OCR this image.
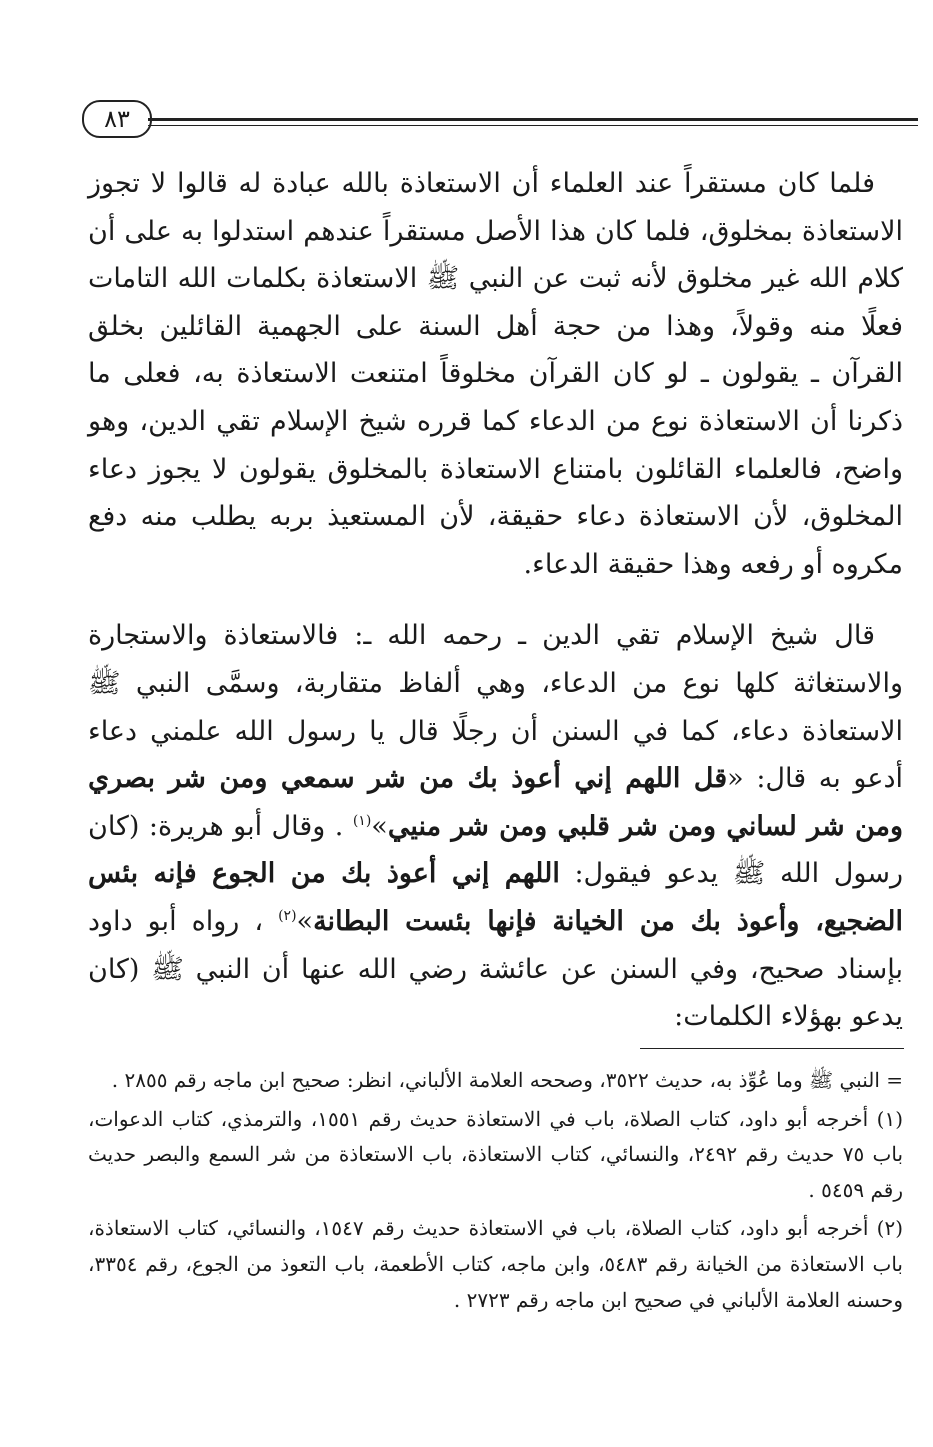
٨٣

فلما كان مستقراً عند العلماء أن الاستعاذة بالله عبادة له قالوا لا تجوز الاستعاذة بمخلوق، فلما كان هذا الأصل مستقراً عندهم استدلوا به على أن كلام الله غير مخلوق لأنه ثبت عن النبي ﷺ الاستعاذة بكلمات الله التامات فعلًا منه وقولاً، وهذا من حجة أهل السنة على الجهمية القائلين بخلق القرآن ـ يقولون ـ لو كان القرآن مخلوقاً امتنعت الاستعاذة به، فعلى ما ذكرنا أن الاستعاذة نوع من الدعاء كما قرره شيخ الإسلام تقي الدين، وهو واضح، فالعلماء القائلون بامتناع الاستعاذة بالمخلوق يقولون لا يجوز دعاء المخلوق، لأن الاستعاذة دعاء حقيقة، لأن المستعيذ بربه يطلب منه دفع مكروه أو رفعه وهذا حقيقة الدعاء.

قال شيخ الإسلام تقي الدين ـ رحمه الله ـ: فالاستعاذة والاستجارة والاستغاثة كلها نوع من الدعاء، وهي ألفاظ متقاربة، وسمَّى النبي ﷺ الاستعاذة دعاء، كما في السنن أن رجلًا قال يا رسول الله علمني دعاء أدعو به قال: «قل اللهم إني أعوذ بك من شر سمعي ومن شر بصري ومن شر لساني ومن شر قلبي ومن شر منيي»$^{(١)}$ . وقال أبو هريرة: (كان رسول الله ﷺ يدعو فيقول: اللهم إني أعوذ بك من الجوع فإنه بئس الضجيع، وأعوذ بك من الخيانة فإنها بئست البطانة»$^{(٢)}$ ، رواه أبو داود بإسناد صحيح، وفي السنن عن عائشة رضي الله عنها أن النبي ﷺ (كان يدعو بهؤلاء الكلمات:

= النبي ﷺ وما عُوِّذ به، حديث ٣٥٢٢، وصححه العلامة الألباني، انظر: صحيح ابن ماجه رقم ٢٨٥٥ .

(١) أخرجه أبو داود، كتاب الصلاة، باب في الاستعاذة حديث رقم ١٥٥١، والترمذي، كتاب الدعوات، باب ٧٥ حديث رقم ٢٤٩٢، والنسائي، كتاب الاستعاذة، باب الاستعاذة من شر السمع والبصر حديث رقم ٥٤٥٩ .

(٢) أخرجه أبو داود، كتاب الصلاة، باب في الاستعاذة حديث رقم ١٥٤٧، والنسائي، كتاب الاستعاذة، باب الاستعاذة من الخيانة رقم ٥٤٨٣، وابن ماجه، كتاب الأطعمة، باب التعوذ من الجوع، رقم ٣٣٥٤، وحسنه العلامة الألباني في صحيح ابن ماجه رقم ٢٧٢٣ .
